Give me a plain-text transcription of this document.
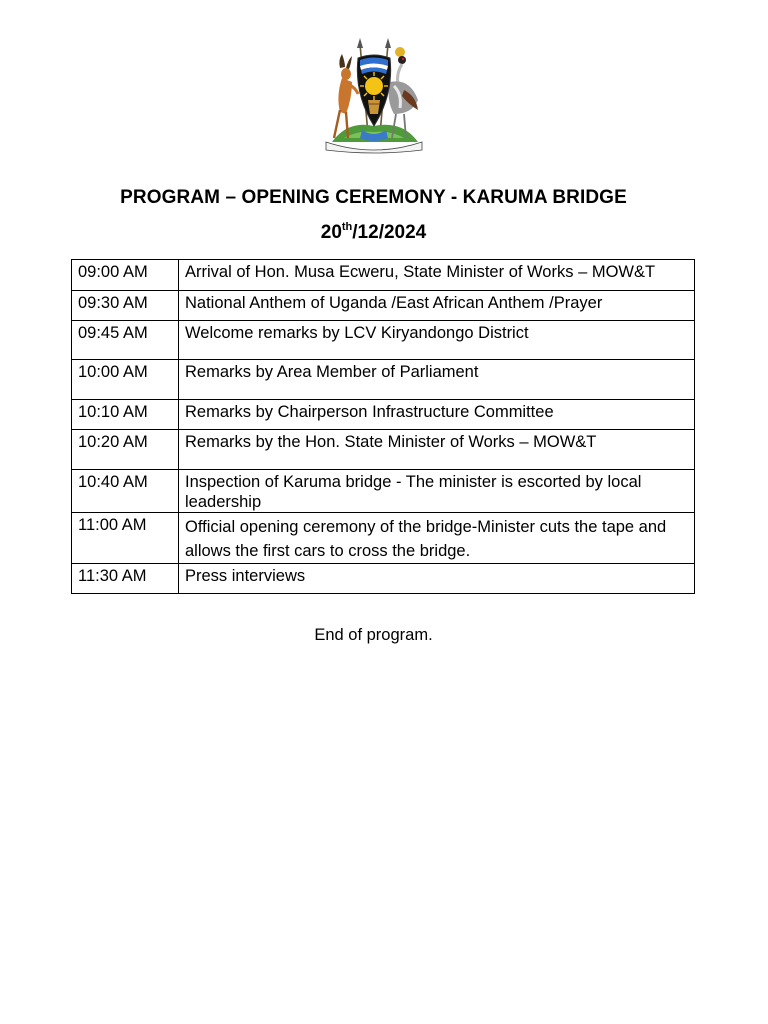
PROGRAM – OPENING CEREMONY - KARUMA BRIDGE
20th/12/2024
09:00 AM	Arrival of Hon. Musa Ecweru, State Minister of Works – MOW&T
09:30 AM	National Anthem of Uganda /East African Anthem /Prayer
09:45 AM	Welcome remarks by LCV Kiryandongo District
10:00 AM	Remarks by Area Member of Parliament
10:10 AM	Remarks by Chairperson Infrastructure Committee
10:20 AM	Remarks by the Hon. State Minister of Works – MOW&T
10:40 AM	Inspection of Karuma bridge - The minister is escorted by local leadership
11:00 AM	Official opening ceremony of the bridge-Minister cuts the tape and allows the first cars to cross the bridge.
11:30 AM	Press interviews
End of program.
